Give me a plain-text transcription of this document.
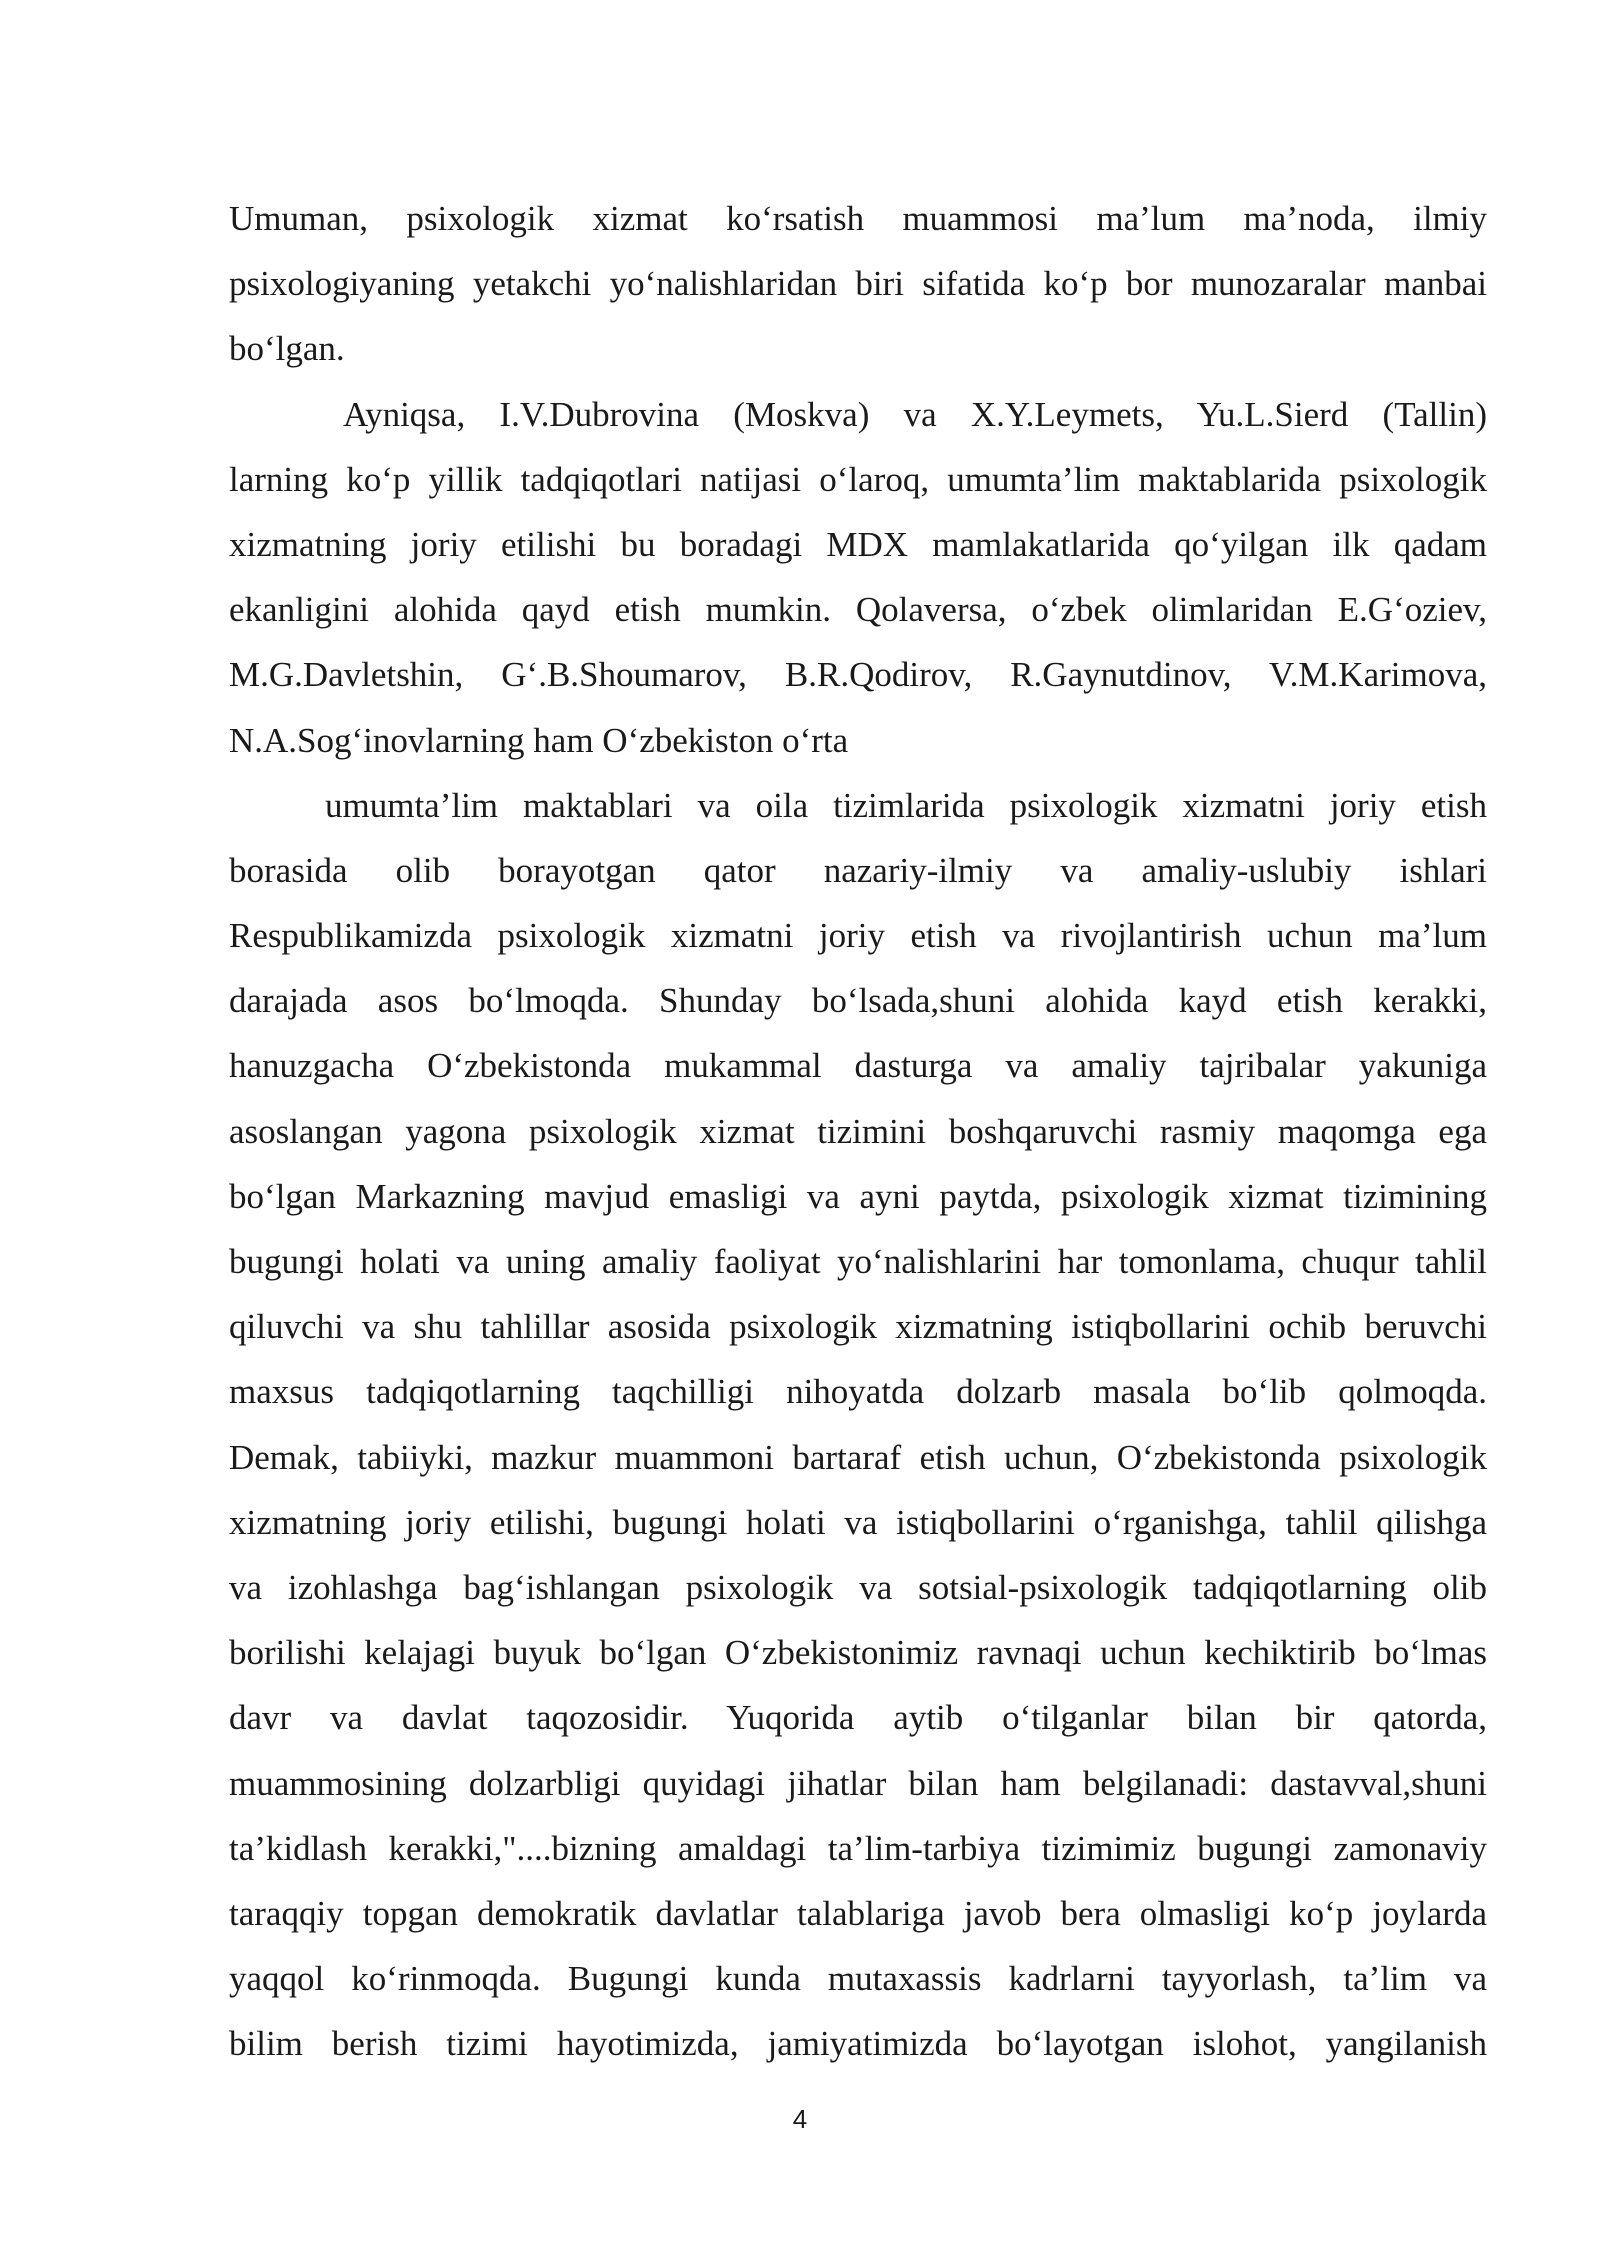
Umuman, psixologik xizmat ko‘rsatish muammosi ma’lum ma’noda, ilmiy
psixologiyaning yetakchi yo‘nalishlaridan biri sifatida ko‘p bor munozaralar manbai
bo‘lgan.
Ayniqsa, I.V.Dubrovina (Moskva) va X.Y.Leymets, Yu.L.Sierd (Tallin)
larning ko‘p yillik tadqiqotlari natijasi o‘laroq, umumta’lim maktablarida psixologik
xizmatning joriy etilishi bu boradagi MDX mamlakatlarida qo‘yilgan ilk qadam
ekanligini alohida qayd etish mumkin. Qolaversa, o‘zbek olimlaridan E.G‘oziev,
M.G.Davletshin, G‘.B.Shoumarov, B.R.Qodirov, R.Gaynutdinov, V.M.Karimova,
N.A.Sog‘inovlarning ham O‘zbekiston o‘rta
umumta’lim maktablari va oila tizimlarida psixologik xizmatni joriy etish
borasida olib borayotgan qator nazariy-ilmiy va amaliy-uslubiy ishlari
Respublikamizda psixologik xizmatni joriy etish va rivojlantirish uchun ma’lum
darajada asos bo‘lmoqda. Shunday bo‘lsada,shuni alohida kayd etish kerakki,
hanuzgacha O‘zbekistonda mukammal dasturga va amaliy tajribalar yakuniga
asoslangan yagona psixologik xizmat tizimini boshqaruvchi rasmiy maqomga ega
bo‘lgan Markazning mavjud emasligi va ayni paytda, psixologik xizmat tizimining
bugungi holati va uning amaliy faoliyat yo‘nalishlarini har tomonlama, chuqur tahlil
qiluvchi va shu tahlillar asosida psixologik xizmatning istiqbollarini ochib beruvchi
maxsus tadqiqotlarning taqchilligi nihoyatda dolzarb masala bo‘lib qolmoqda.
Demak, tabiiyki, mazkur muammoni bartaraf etish uchun, O‘zbekistonda psixologik
xizmatning joriy etilishi, bugungi holati va istiqbollarini o‘rganishga, tahlil qilishga
va izohlashga bag‘ishlangan psixologik va sotsial-psixologik tadqiqotlarning olib
borilishi kelajagi buyuk bo‘lgan O‘zbekistonimiz ravnaqi uchun kechiktirib bo‘lmas
davr va davlat taqozosidir. Yuqorida aytib o‘tilganlar bilan bir qatorda,
muammosining dolzarbligi quyidagi jihatlar bilan ham belgilanadi: dastavval,shuni
ta’kidlash kerakki,"....bizning amaldagi ta’lim-tarbiya tizimimiz bugungi zamonaviy
taraqqiy topgan demokratik davlatlar talablariga javob bera olmasligi ko‘p joylarda
yaqqol ko‘rinmoqda. Bugungi kunda mutaxassis kadrlarni tayyorlash, ta’lim va
bilim berish tizimi hayotimizda, jamiyatimizda bo‘layotgan islohot, yangilanish
4
